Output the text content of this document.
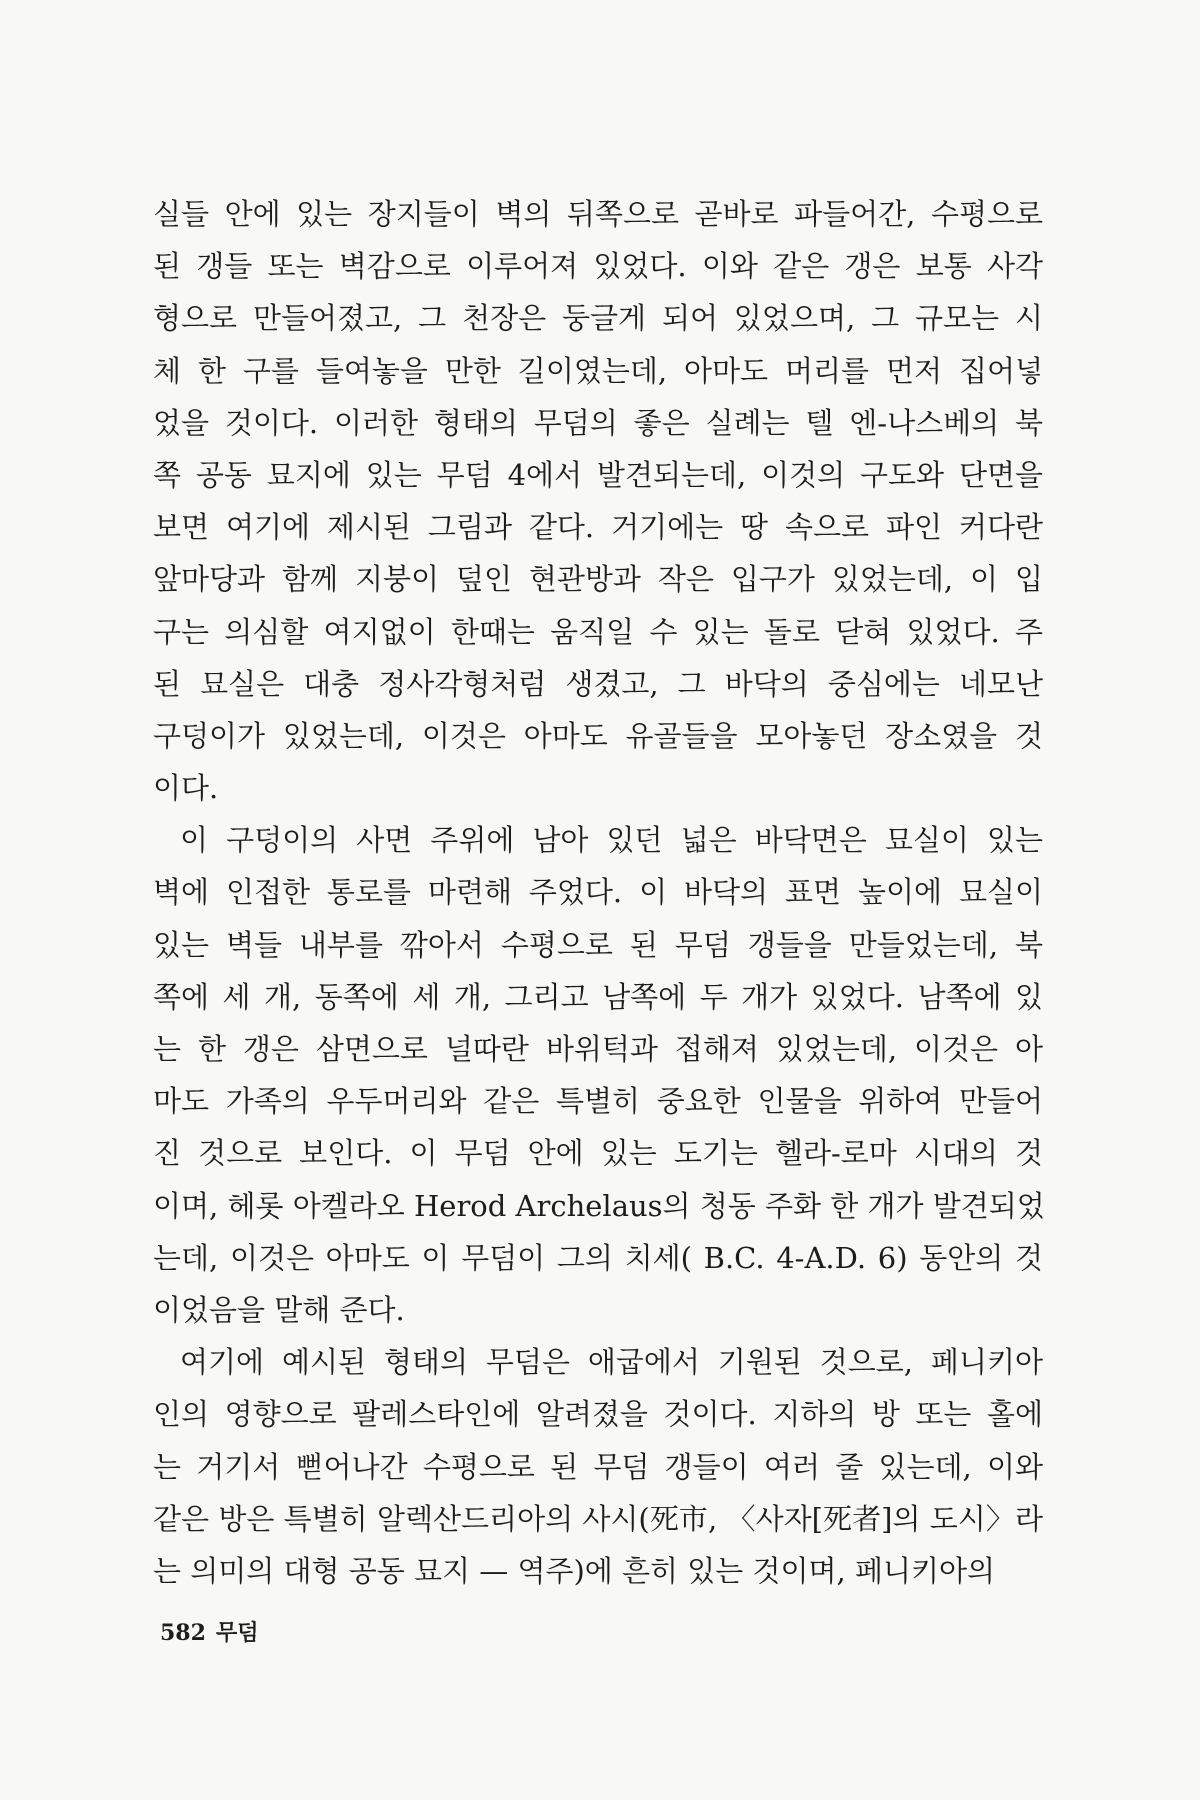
실들 안에 있는 장지들이 벽의 뒤쪽으로 곧바로 파들어간, 수평으로
된 갱들 또는 벽감으로 이루어져 있었다. 이와 같은 갱은 보통 사각
형으로 만들어졌고, 그 천장은 둥글게 되어 있었으며, 그 규모는 시
체 한 구를 들여놓을 만한 길이였는데, 아마도 머리를 먼저 집어넣
었을 것이다. 이러한 형태의 무덤의 좋은 실례는 텔 엔-나스베의 북
쪽 공동 묘지에 있는 무덤 4에서 발견되는데, 이것의 구도와 단면을
보면 여기에 제시된 그림과 같다. 거기에는 땅 속으로 파인 커다란
앞마당과 함께 지붕이 덮인 현관방과 작은 입구가 있었는데, 이 입
구는 의심할 여지없이 한때는 움직일 수 있는 돌로 닫혀 있었다. 주
된 묘실은 대충 정사각형처럼 생겼고, 그 바닥의 중심에는 네모난
구덩이가 있었는데, 이것은 아마도 유골들을 모아놓던 장소였을 것
이다.
이 구덩이의 사면 주위에 남아 있던 넓은 바닥면은 묘실이 있는
벽에 인접한 통로를 마련해 주었다. 이 바닥의 표면 높이에 묘실이
있는 벽들 내부를 깎아서 수평으로 된 무덤 갱들을 만들었는데, 북
쪽에 세 개, 동쪽에 세 개, 그리고 남쪽에 두 개가 있었다. 남쪽에 있
는 한 갱은 삼면으로 널따란 바위턱과 접해져 있었는데, 이것은 아
마도 가족의 우두머리와 같은 특별히 중요한 인물을 위하여 만들어
진 것으로 보인다. 이 무덤 안에 있는 도기는 헬라-로마 시대의 것
이며, 헤롯 아켈라오 Herod Archelaus의 청동 주화 한 개가 발견되었
는데, 이것은 아마도 이 무덤이 그의 치세( B.C. 4-A.D. 6) 동안의 것
이었음을 말해 준다.
여기에 예시된 형태의 무덤은 애굽에서 기원된 것으로, 페니키아
인의 영향으로 팔레스타인에 알려졌을 것이다. 지하의 방 또는 홀에
는 거기서 뻗어나간 수평으로 된 무덤 갱들이 여러 줄 있는데, 이와
같은 방은 특별히 알렉산드리아의 사시(死市, 〈사자[死者]의 도시〉라
는 의미의 대형 공동 묘지 — 역주)에 흔히 있는 것이며, 페니키아의
582 무덤
